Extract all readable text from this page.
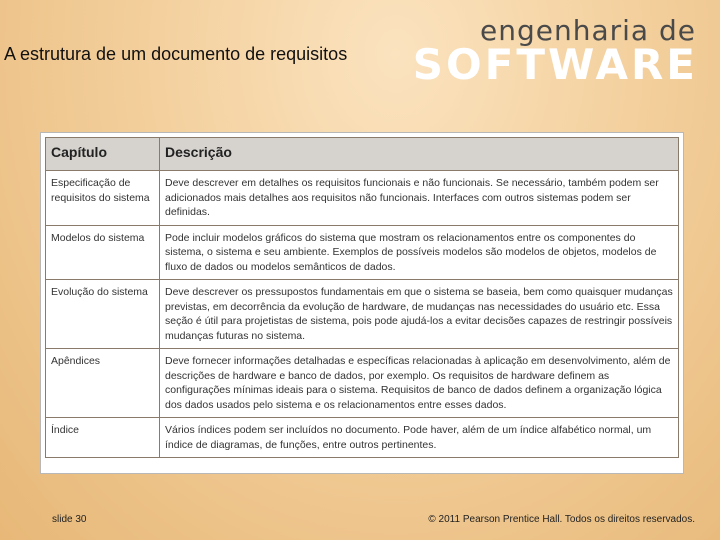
A estrutura de um documento de requisitos
engenharia de
SOFTWARE
Capítulo	Descrição
Especificação de requisitos do sistema	Deve descrever em detalhes os requisitos funcionais e não funcionais. Se necessário, também podem ser adicionados mais detalhes aos requisitos não funcionais. Interfaces com outros sistemas podem ser definidas.
Modelos do sistema	Pode incluir modelos gráficos do sistema que mostram os relacionamentos entre os componentes do sistema, o sistema e seu ambiente. Exemplos de possíveis modelos são modelos de objetos, modelos de fluxo de dados ou modelos semânticos de dados.
Evolução do sistema	Deve descrever os pressupostos fundamentais em que o sistema se baseia, bem como quaisquer mudanças previstas, em decorrência da evolução de hardware, de mudanças nas necessidades do usuário etc. Essa seção é útil para projetistas de sistema, pois pode ajudá-los a evitar decisões capazes de restringir possíveis mudanças futuras no sistema.
Apêndices	Deve fornecer informações detalhadas e específicas relacionadas à aplicação em desenvolvimento, além de descrições de hardware e banco de dados, por exemplo. Os requisitos de hardware definem as configurações mínimas ideais para o sistema. Requisitos de banco de dados definem a organização lógica dos dados usados pelo sistema e os relacionamentos entre esses dados.
Índice	Vários índices podem ser incluídos no documento. Pode haver, além de um índice alfabético normal, um índice de diagramas, de funções, entre outros pertinentes.
slide 30	© 2011 Pearson Prentice Hall. Todos os direitos reservados.
